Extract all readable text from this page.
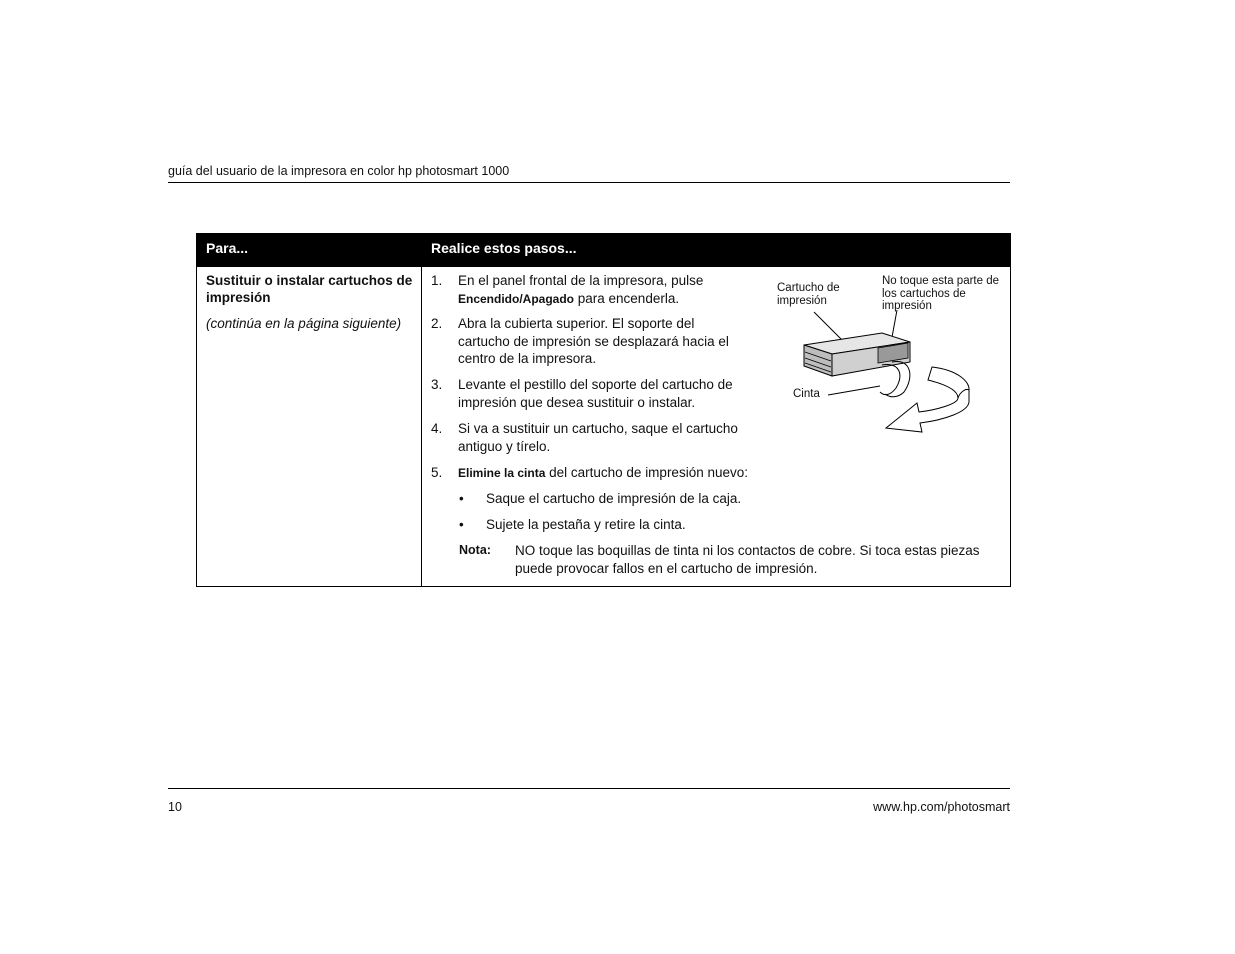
guía del usuario de la impresora en color hp photosmart 1000
Para...	Realice estos pasos...
Sustituir o instalar cartuchos de impresión
(continúa en la página siguiente)
1. En el panel frontal de la impresora, pulse
Encendido/Apagado para encenderla.
2. Abra la cubierta superior. El soporte del cartucho de impresión se desplazará hacia el centro de la impresora.
3. Levante el pestillo del soporte del cartucho de impresión que desea sustituir o instalar.
4. Si va a sustituir un cartucho, saque el cartucho antiguo y tírelo.
5. Elimine la cinta del cartucho de impresión nuevo:
• Saque el cartucho de impresión de la caja.
• Sujete la pestaña y retire la cinta.
Nota: NO toque las boquillas de tinta ni los contactos de cobre. Si toca estas piezas puede provocar fallos en el cartucho de impresión.
Cartucho de impresión
No toque esta parte de los cartuchos de impresión
Cinta
10	www.hp.com/photosmart
